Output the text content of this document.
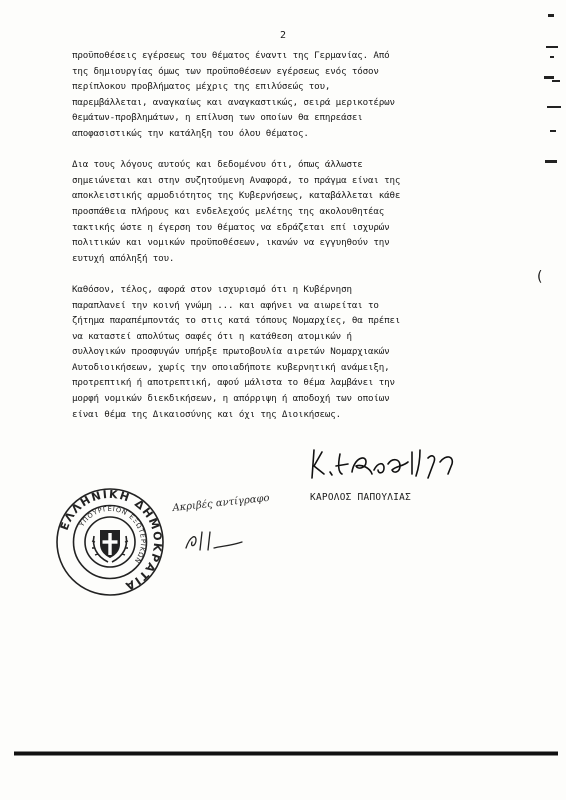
2
προϋποθέσεις εγέρσεως του θέματος έναντι της Γερμανίας. Από
της δημιουργίας όμως των προϋποθέσεων εγέρσεως ενός τόσον
περίπλοκου προβλήματος μέχρις της επιλύσεώς του,
παρεμβάλλεται, αναγκαίως και αναγκαστικώς, σειρά μερικοτέρων
θεμάτων-προβλημάτων, η επίλυση των οποίων θα επηρεάσει
αποφασιστικώς την κατάληξη του όλου θέματος.
Δια τους λόγους αυτούς και δεδομένου ότι, όπως άλλωστε
σημειώνεται και στην συζητούμενη Αναφορά, το πράγμα είναι της
αποκλειστικής αρμοδιότητος της Κυβερνήσεως, καταβάλλεται κάθε
προσπάθεια πλήρους και ενδελεχούς μελέτης της ακολουθητέας
τακτικής ώστε η έγερση του θέματος να εδράζεται επί ισχυρών
πολιτικών και νομικών προϋποθέσεων, ικανών να εγγυηθούν την
ευτυχή απόληξή του.
Καθόσον, τέλος, αφορά στον ισχυρισμό ότι η Κυβέρνηση
παραπλανεί την κοινή γνώμη ... και αφήνει να αιωρείται το
ζήτημα παραπέμποντάς το στις κατά τόπους Νομαρχίες, θα πρέπει
να καταστεί απολύτως σαφές ότι η κατάθεση ατομικών ή
συλλογικών προσφυγών υπήρξε πρωτοβουλία αιρετών Νομαρχιακών
Αυτοδιοικήσεων, χωρίς την οποιαδήποτε κυβερνητική ανάμειξη,
προτρεπτική ή αποτρεπτική, αφού μάλιστα το θέμα λαμβάνει την
μορφή νομικών διεκδικήσεων, η απόρριψη ή αποδοχή των οποίων
είναι θέμα της Δικαιοσύνης και όχι της Διοικήσεως.
ΚΑΡΟΛΟΣ ΠΑΠΟΥΛΙΑΣ
ΕΛΛΗΝΙΚΗ ΔΗΜΟΚΡΑΤΙΑ
ΥΠΟΥΡΓΕΙΟΝ ΕΞΩΤΕΡΙΚΩΝ
Ακριβές αντίγραφο
(
